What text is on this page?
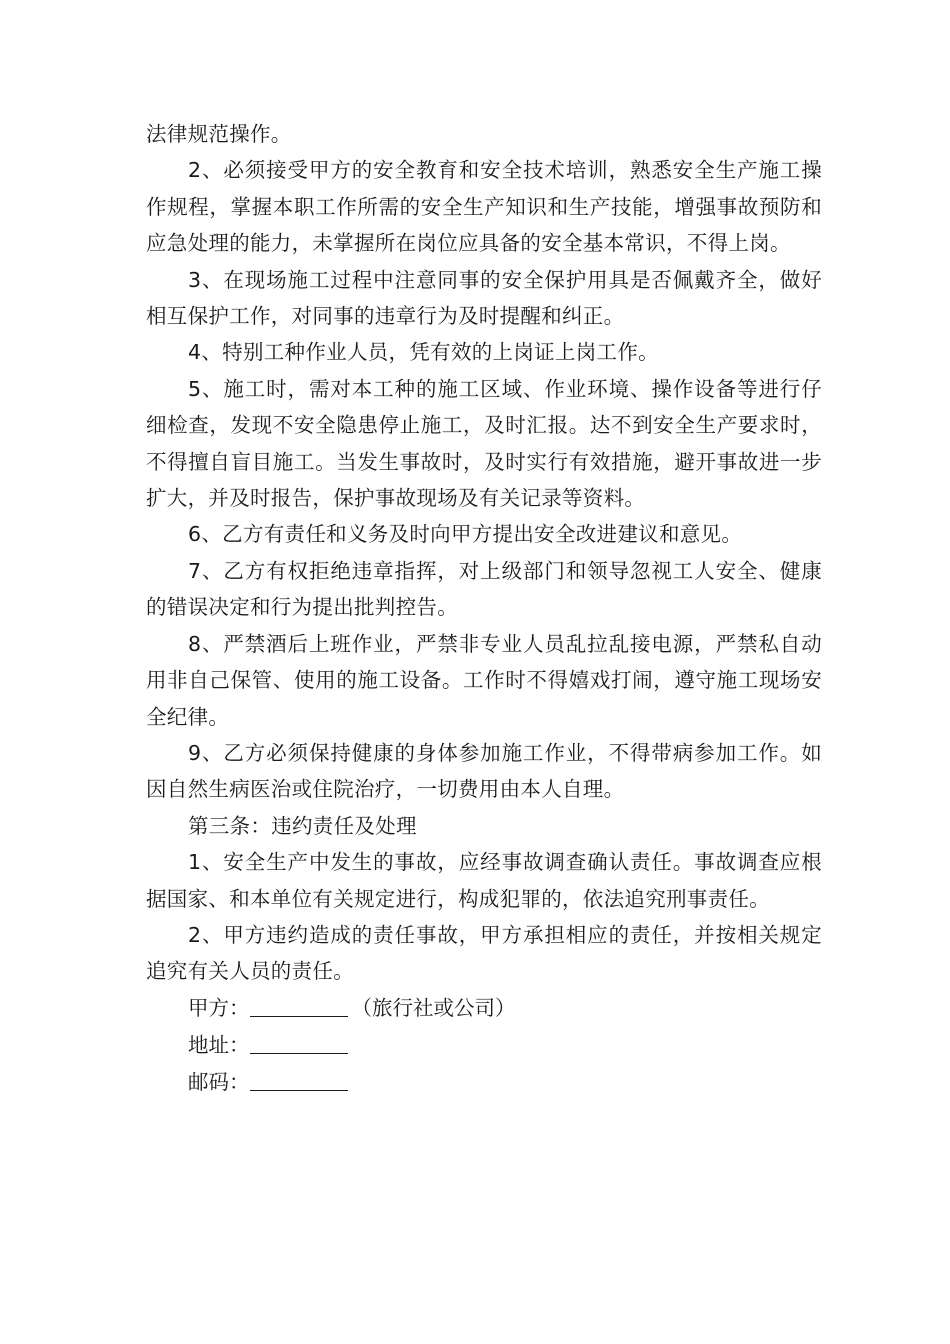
法律规范操作。

2、必须接受甲方的安全教育和安全技术培训，熟悉安全生产施工操作规程，掌握本职工作所需的安全生产知识和生产技能，增强事故预防和应急处理的能力，未掌握所在岗位应具备的安全基本常识，不得上岗。

3、在现场施工过程中注意同事的安全保护用具是否佩戴齐全，做好相互保护工作，对同事的违章行为及时提醒和纠正。

4、特别工种作业人员，凭有效的上岗证上岗工作。

5、施工时，需对本工种的施工区域、作业环境、操作设备等进行仔细检查，发现不安全隐患停止施工，及时汇报。达不到安全生产要求时，不得擅自盲目施工。当发生事故时，及时实行有效措施，避开事故进一步扩大，并及时报告，保护事故现场及有关记录等资料。

6、乙方有责任和义务及时向甲方提出安全改进建议和意见。

7、乙方有权拒绝违章指挥，对上级部门和领导忽视工人安全、健康的错误决定和行为提出批判控告。

8、严禁酒后上班作业，严禁非专业人员乱拉乱接电源，严禁私自动用非自己保管、使用的施工设备。工作时不得嬉戏打闹，遵守施工现场安全纪律。

9、乙方必须保持健康的身体参加施工作业，不得带病参加工作。如因自然生病医治或住院治疗，一切费用由本人自理。

第三条：违约责任及处理

1、安全生产中发生的事故，应经事故调查确认责任。事故调查应根据国家、和本单位有关规定进行，构成犯罪的，依法追究刑事责任。

2、甲方违约造成的责任事故，甲方承担相应的责任，并按相关规定追究有关人员的责任。

甲方：	（旅行社或公司）
地址：
邮码：
